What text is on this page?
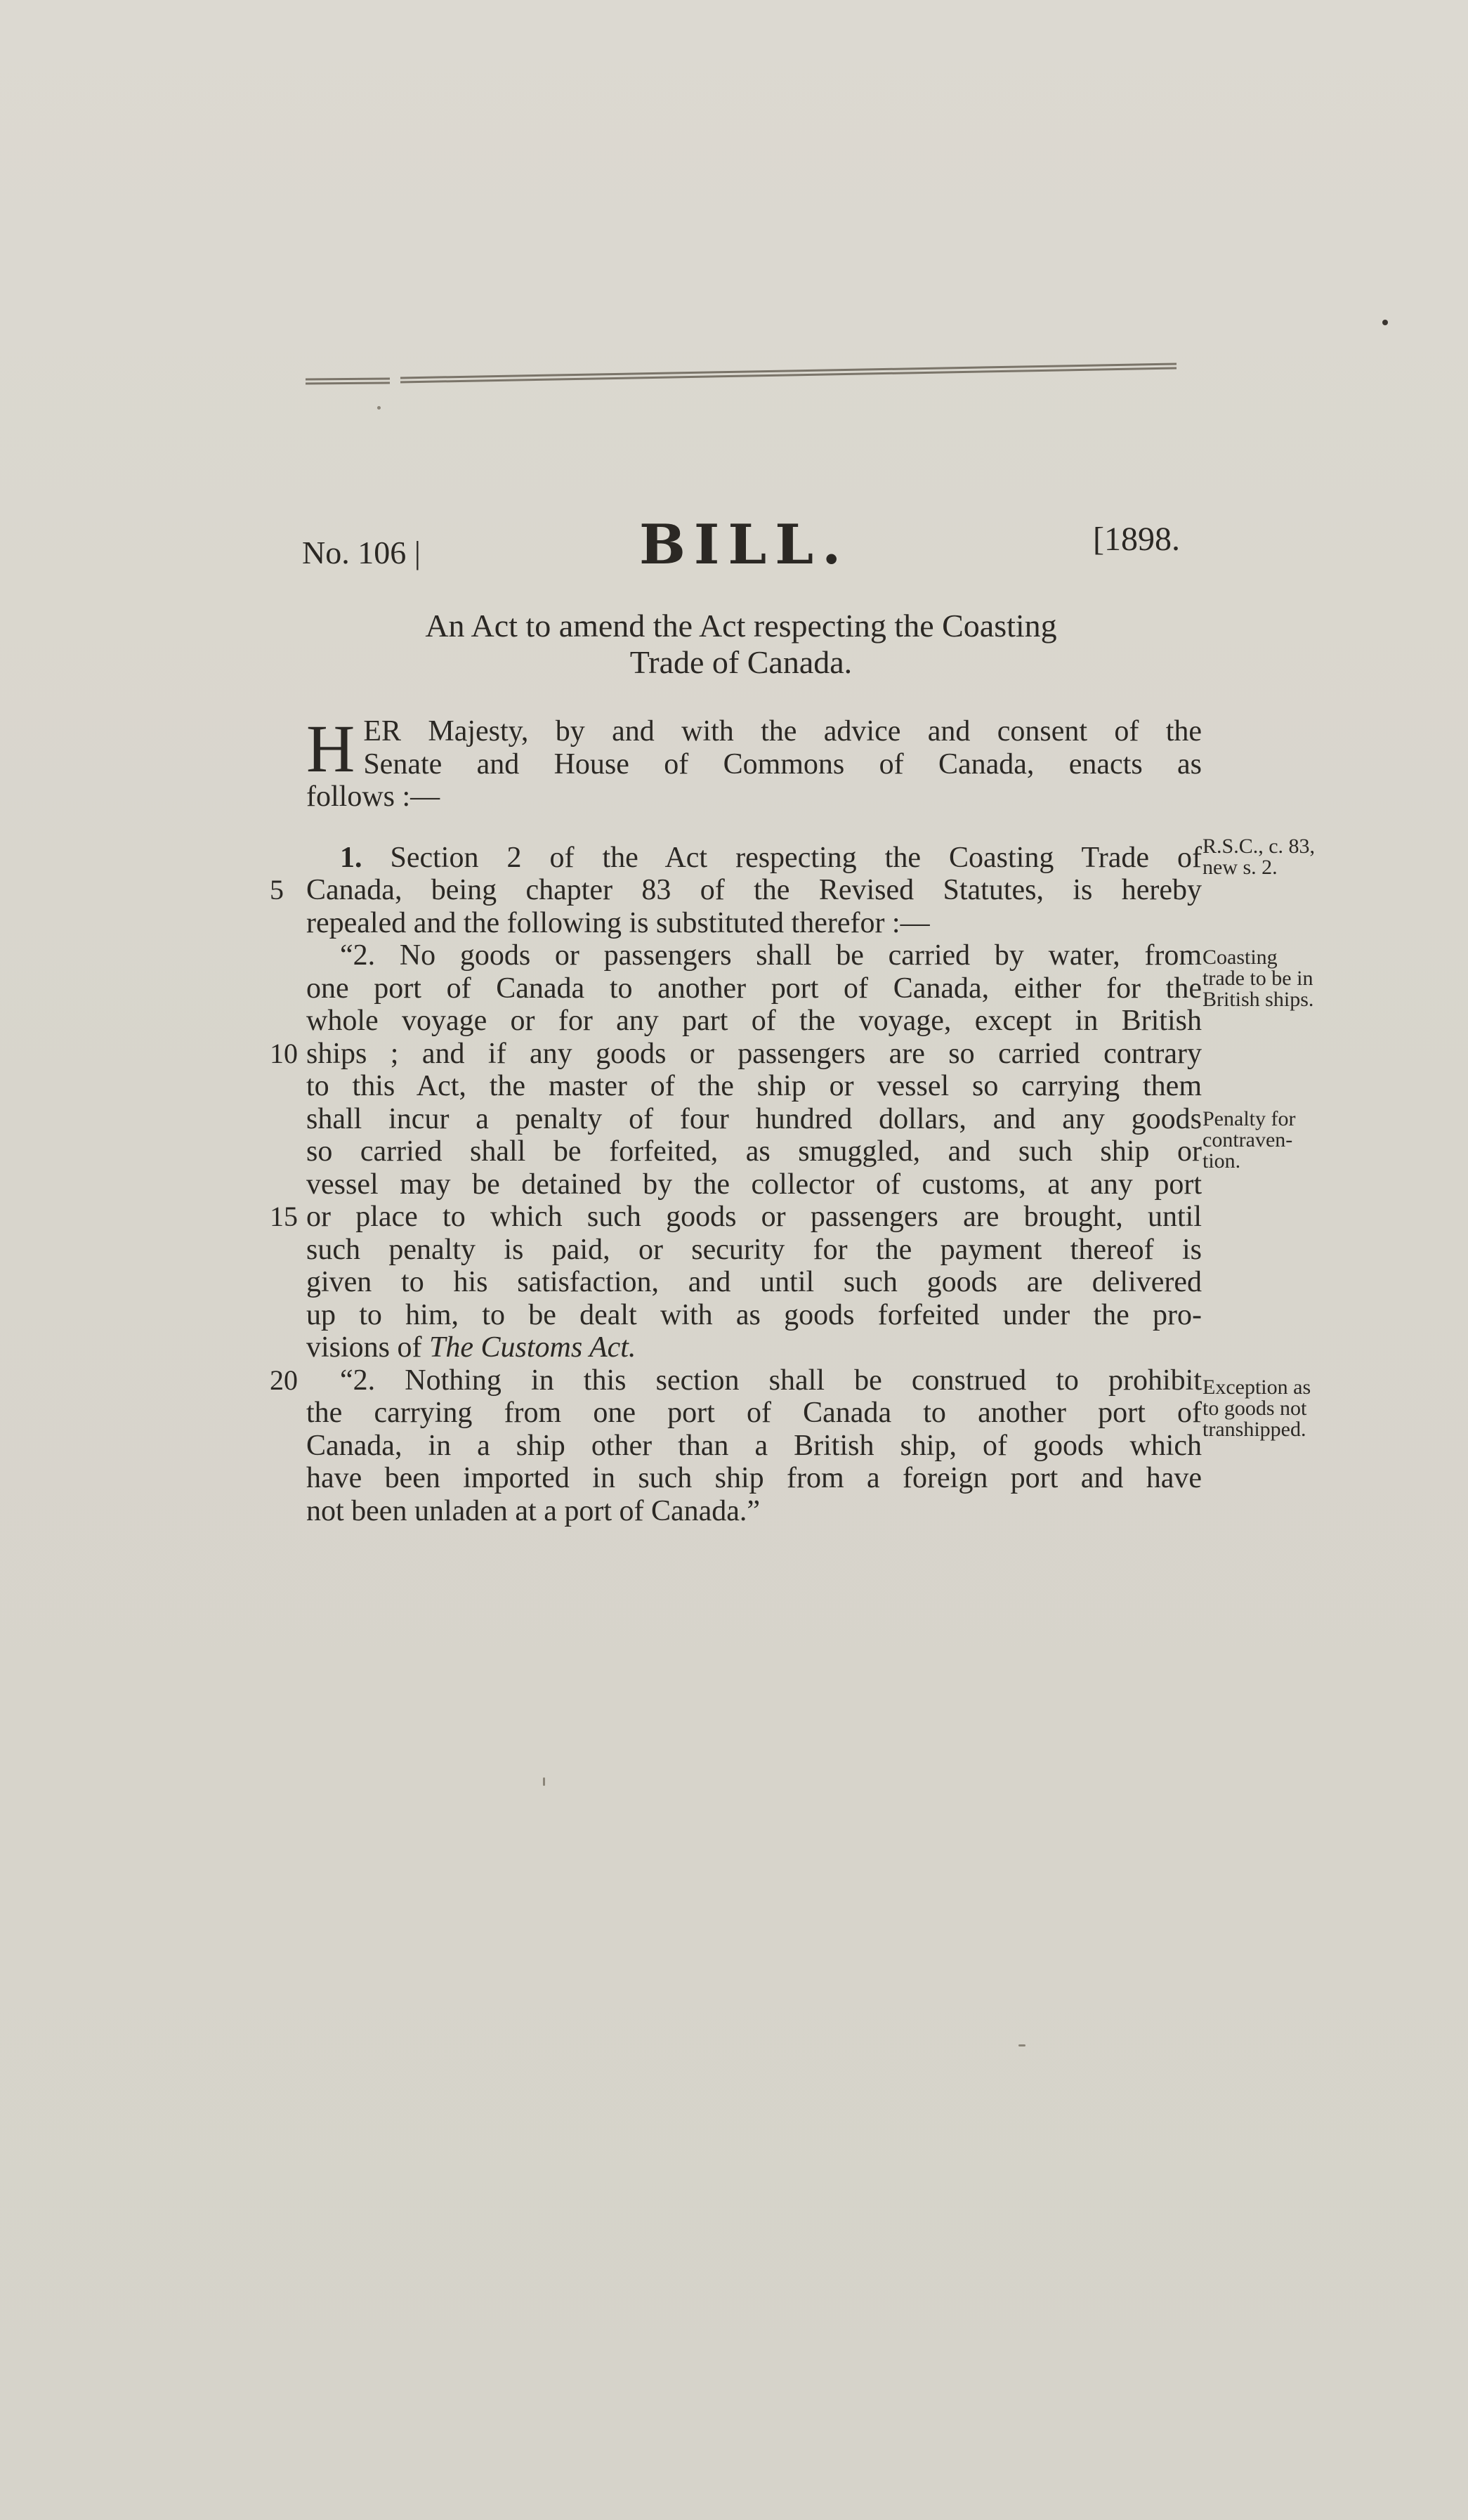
No. 106 |	BILL.	[1898.
An Act to amend the Act respecting the Coasting
Trade of Canada.
H ER Majesty, by and with the advice and consent of the
Senate and House of Commons of Canada, enacts as
follows :—
1. Section 2 of the Act respecting the Coasting Trade of
5 Canada, being chapter 83 of the Revised Statutes, is hereby
repealed and the following is substituted therefor :—
“2. No goods or passengers shall be carried by water, from
one port of Canada to another port of Canada, either for the
whole voyage or for any part of the voyage, except in British
10 ships ; and if any goods or passengers are so carried contrary
to this Act, the master of the ship or vessel so carrying them
shall incur a penalty of four hundred dollars, and any goods
so carried shall be forfeited, as smuggled, and such ship or
vessel may be detained by the collector of customs, at any port
15 or place to which such goods or passengers are brought, until
such penalty is paid, or security for the payment thereof is
given to his satisfaction, and until such goods are delivered
up to him, to be dealt with as goods forfeited under the pro-
visions of The Customs Act.
20 “2. Nothing in this section shall be construed to prohibit
the carrying from one port of Canada to another port of
Canada, in a ship other than a British ship, of goods which
have been imported in such ship from a foreign port and have
not been unladen at a port of Canada.”
R.S.C., c. 83,
new s. 2.
Coasting
trade to be in
British ships.
Penalty for
contraven-
tion.
Exception as
to goods not
transhipped.
